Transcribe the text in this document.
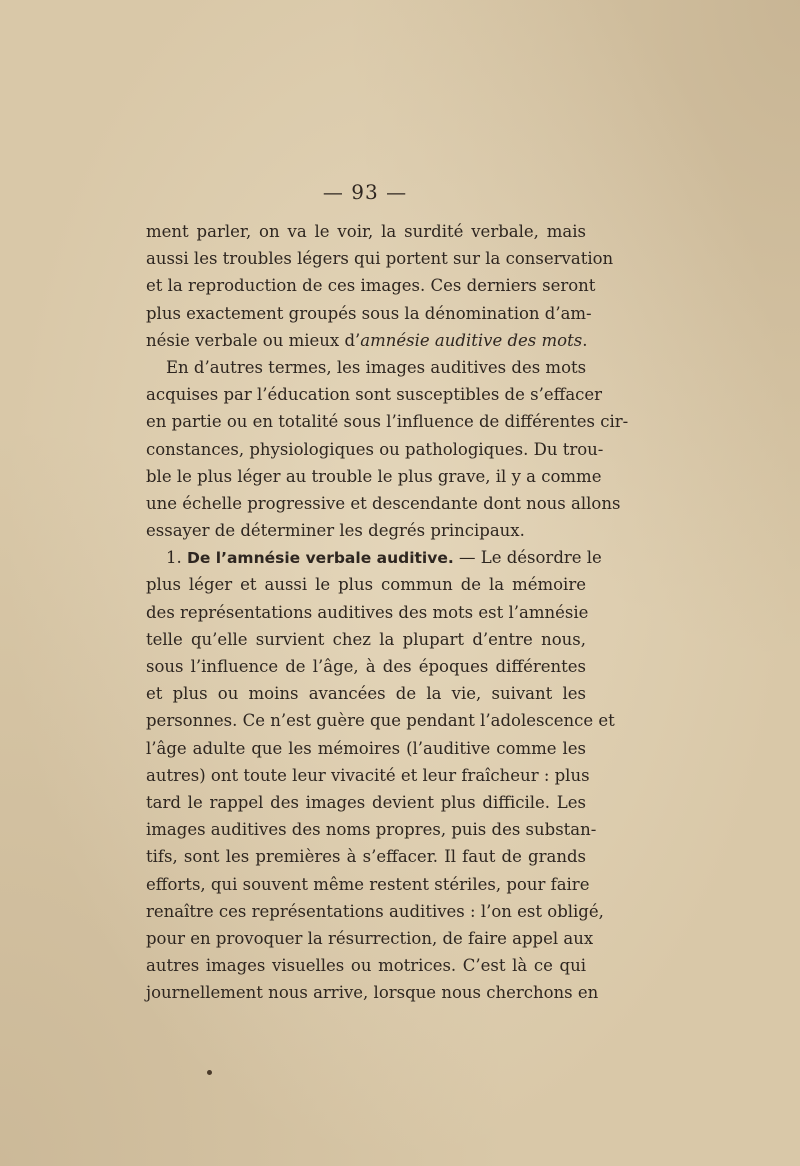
— 93 —
ment parler, on va le voir, la surdité verbale, mais
aussi les troubles légers qui portent sur la conservation
et la reproduction de ces images. Ces derniers seront
plus exactement groupés sous la dénomination d’am-
nésie verbale ou mieux d’amnésie auditive des mots.
En d’autres termes, les images auditives des mots
acquises par l’éducation sont susceptibles de s’effacer
en partie ou en totalité sous l’influence de différentes cir-
constances, physiologiques ou pathologiques. Du trou-
ble le plus léger au trouble le plus grave, il y a comme
une échelle progressive et descendante dont nous allons
essayer de déterminer les degrés principaux.
1. De l’amnésie verbale auditive. — Le désordre le
plus léger et aussi le plus commun de la mémoire
des représentations auditives des mots est l’amnésie
telle qu’elle survient chez la plupart d’entre nous,
sous l’influence de l’âge, à des époques différentes
et plus ou moins avancées de la vie, suivant les
personnes. Ce n’est guère que pendant l’adolescence et
l’âge adulte que les mémoires (l’auditive comme les
autres) ont toute leur vivacité et leur fraîcheur : plus
tard le rappel des images devient plus difficile. Les
images auditives des noms propres, puis des substan-
tifs, sont les premières à s’effacer. Il faut de grands
efforts, qui souvent même restent stériles, pour faire
renaître ces représentations auditives : l’on est obligé,
pour en provoquer la résurrection, de faire appel aux
autres images visuelles ou motrices. C’est là ce qui
journellement nous arrive, lorsque nous cherchons en
